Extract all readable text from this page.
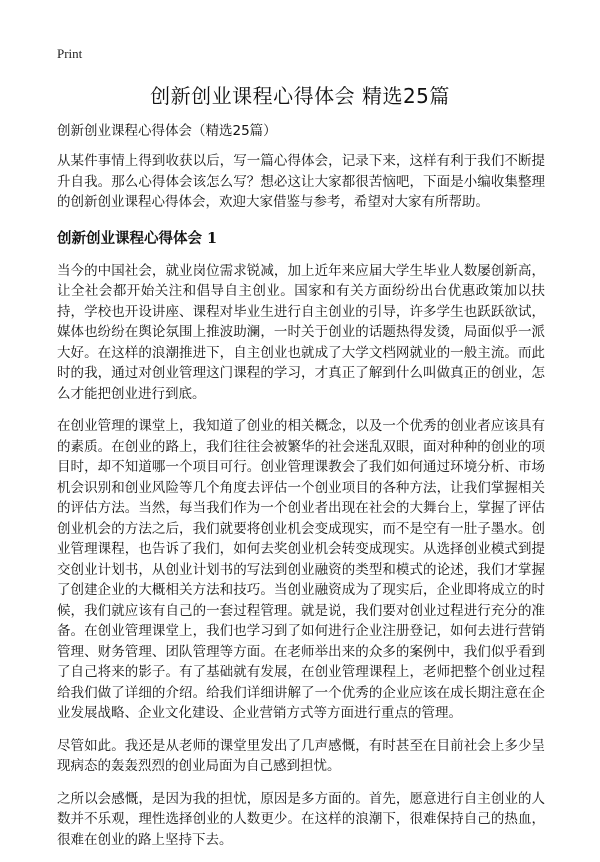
Print
创新创业课程心得体会 精选25篇
创新创业课程心得体会（精选25篇）

从某件事情上得到收获以后，写一篇心得体会，记录下来，这样有利于我们不断提升自我。那么心得体会该怎么写？想必这让大家都很苦恼吧，下面是小编收集整理的创新创业课程心得体会，欢迎大家借鉴与参考，希望对大家有所帮助。

创新创业课程心得体会 1

当今的中国社会，就业岗位需求锐减，加上近年来应届大学生毕业人数屡创新高，让全社会都开始关注和倡导自主创业。国家和有关方面纷纷出台优惠政策加以扶持，学校也开设讲座、课程对毕业生进行自主创业的引导，许多学生也跃跃欲试，媒体也纷纷在舆论氛围上推波助澜，一时关于创业的话题热得发烫，局面似乎一派大好。在这样的浪潮推进下，自主创业也就成了大学文档网就业的一般主流。而此时的我，通过对创业管理这门课程的学习，才真正了解到什么叫做真正的创业，怎么才能把创业进行到底。

在创业管理的课堂上，我知道了创业的相关概念，以及一个优秀的创业者应该具有的素质。在创业的路上，我们往往会被繁华的社会迷乱双眼，面对种种的创业的项目时，却不知道哪一个项目可行。创业管理课教会了我们如何通过环境分析、市场机会识别和创业风险等几个角度去评估一个创业项目的各种方法，让我们掌握相关的评估方法。当然，每当我们作为一个创业者出现在社会的大舞台上，掌握了评估创业机会的方法之后，我们就要将创业机会变成现实，而不是空有一肚子墨水。创业管理课程，也告诉了我们，如何去奖创业机会转变成现实。从选择创业模式到提交创业计划书，从创业计划书的写法到创业融资的类型和模式的论述，我们才掌握了创建企业的大概相关方法和技巧。当创业融资成为了现实后，企业即将成立的时候，我们就应该有自己的一套过程管理。就是说，我们要对创业过程进行充分的准备。在创业管理课堂上，我们也学习到了如何进行企业注册登记，如何去进行营销管理、财务管理、团队管理等方面。在老师举出来的众多的案例中，我们似乎看到了自己将来的影子。有了基础就有发展，在创业管理课程上，老师把整个创业过程给我们做了详细的介绍。给我们详细讲解了一个优秀的企业应该在成长期注意在企业发展战略、企业文化建设、企业营销方式等方面进行重点的管理。

尽管如此。我还是从老师的课堂里发出了几声感慨，有时甚至在目前社会上多少呈现病态的轰轰烈烈的创业局面为自己感到担忧。

之所以会感慨，是因为我的担忧，原因是多方面的。首先，愿意进行自主创业的人数并不乐观，理性选择创业的人数更少。在这样的浪潮下，很难保持自己的热血，很难在创业的路上坚持下去。
